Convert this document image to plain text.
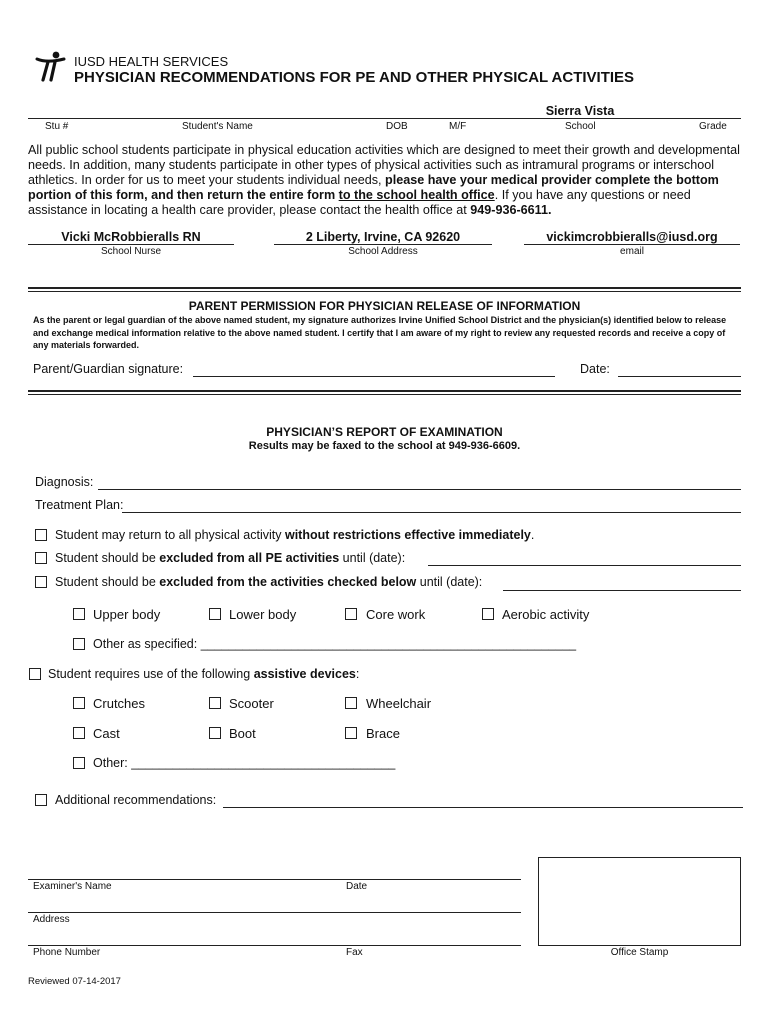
IUSD HEALTH SERVICES
PHYSICIAN RECOMMENDATIONS FOR PE AND OTHER PHYSICAL ACTIVITIES
Sierra Vista
Stu #	Student's Name	DOB	M/F	School	Grade
All public school students participate in physical education activities which are designed to meet their growth and developmental needs. In addition, many students participate in other types of physical activities such as intramural programs or interschool athletics. In order for us to meet your students individual needs, please have your medical provider complete the bottom portion of this form, and then return the entire form to the school health office. If you have any questions or need assistance in locating a health care provider, please contact the health office at 949-936-6611.
Vicki McRobbieralls RN	2 Liberty, Irvine, CA 92620	vickimcrobbieralls@iusd.org
School Nurse	School Address	email
PARENT PERMISSION FOR PHYSICIAN RELEASE OF INFORMATION
As the parent or legal guardian of the above named student, my signature authorizes Irvine Unified School District and the physician(s) identified below to release and exchange medical information relative to the above named student. I certify that I am aware of my right to review any requested records and receive a copy of any materials forwarded.
Parent/Guardian signature:	Date:
PHYSICIAN’S REPORT OF EXAMINATION
Results may be faxed to the school at 949-936-6609.
Diagnosis:
Treatment Plan:
Student may return to all physical activity without restrictions effective immediately.
Student should be excluded from all PE activities until (date):
Student should be excluded from the activities checked below until (date):
Upper body	Lower body	Core work	Aerobic activity
Other as specified: ______________________________________________________
Student requires use of the following assistive devices:
Crutches	Scooter	Wheelchair
Cast	Boot	Brace
Other: ______________________________________
Additional recommendations:
Examiner's Name	Date
Address
Phone Number	Fax	Office Stamp
Reviewed 07-14-2017
